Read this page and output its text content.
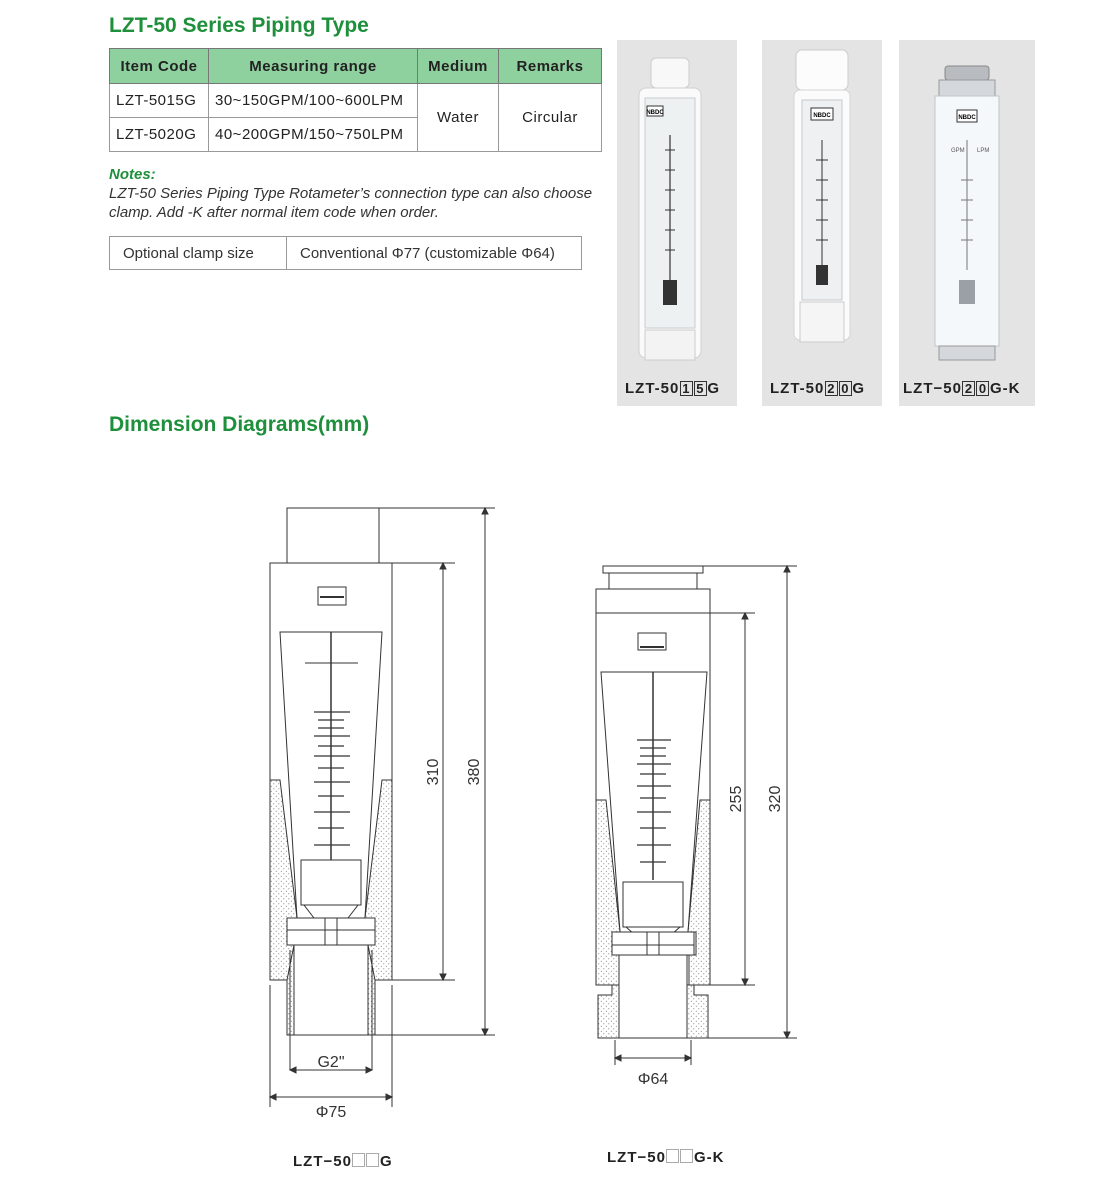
LZT-50 Series Piping Type
Item Code	Measuring range	Medium	Remarks
LZT-5015G	30~150GPM/100~600LPM	Water	Circular
LZT-5020G	40~200GPM/150~750LPM		
Notes:
LZT-50 Series Piping Type Rotameter’s connection type can also choose clamp. Add -K after normal item code when order.
Optional clamp size	Conventional Φ77 (customizable Φ64)
NBDC
LZT-50 1 5 G
NBDC
LZT-50 2 0 G
NBDC
GPM LPM
LZT−50 2 0 G-K
Dimension Diagrams(mm)
G2"
Φ75
310 380
Φ64
255 320
LZT−50 G	LZT−50 G-K
